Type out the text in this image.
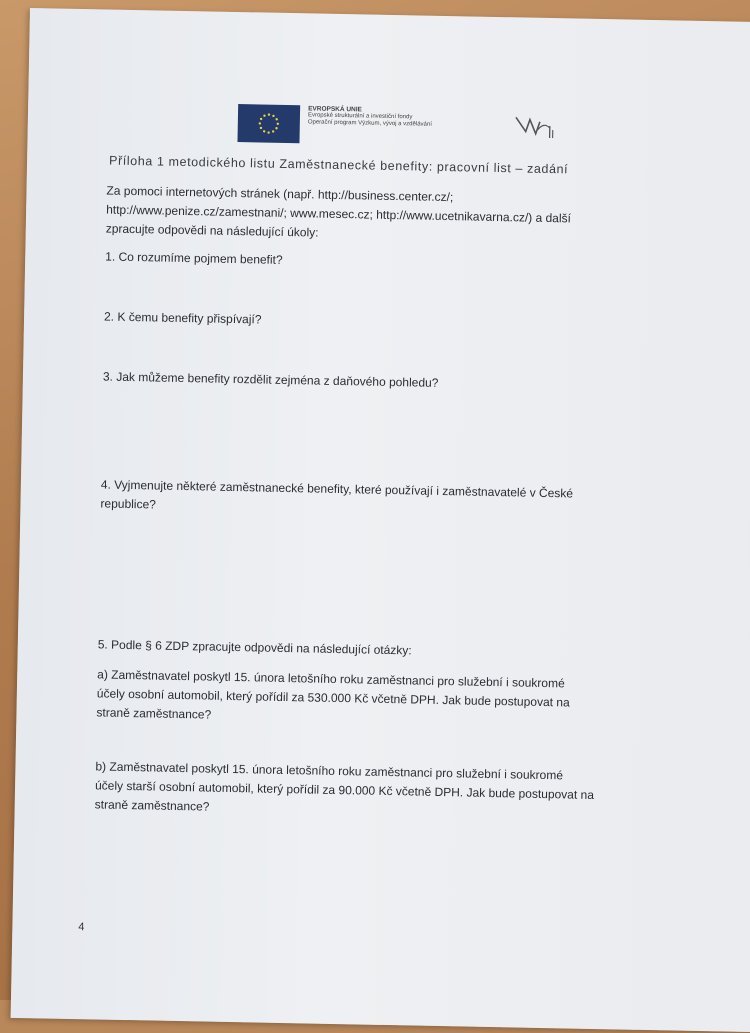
EVROPSKÁ UNIE
Evropské strukturální a investiční fondy
Operační program Výzkum, vývoj a vzdělávání
Příloha 1 metodického listu Zaměstnanecké benefity: pracovní list – zadání
Za pomoci internetových stránek (např. http://business.center.cz/;
http://www.penize.cz/zamestnani/; www.mesec.cz; http://www.ucetnikavarna.cz/) a další
zpracujte odpovědi na následující úkoly:
1. Co rozumíme pojmem benefit?
2. K čemu benefity přispívají?
3. Jak můžeme benefity rozdělit zejména z daňového pohledu?
4. Vyjmenujte některé zaměstnanecké benefity, které používají i zaměstnavatelé v České
republice?
5. Podle § 6 ZDP zpracujte odpovědi na následující otázky:
a) Zaměstnavatel poskytl 15. února letošního roku zaměstnanci pro služební i soukromé
účely osobní automobil, který pořídil za 530.000 Kč včetně DPH. Jak bude postupovat na
straně zaměstnance?
b) Zaměstnavatel poskytl 15. února letošního roku zaměstnanci pro služební i soukromé
účely starší osobní automobil, který pořídil za 90.000 Kč včetně DPH. Jak bude postupovat na
straně zaměstnance?
4
